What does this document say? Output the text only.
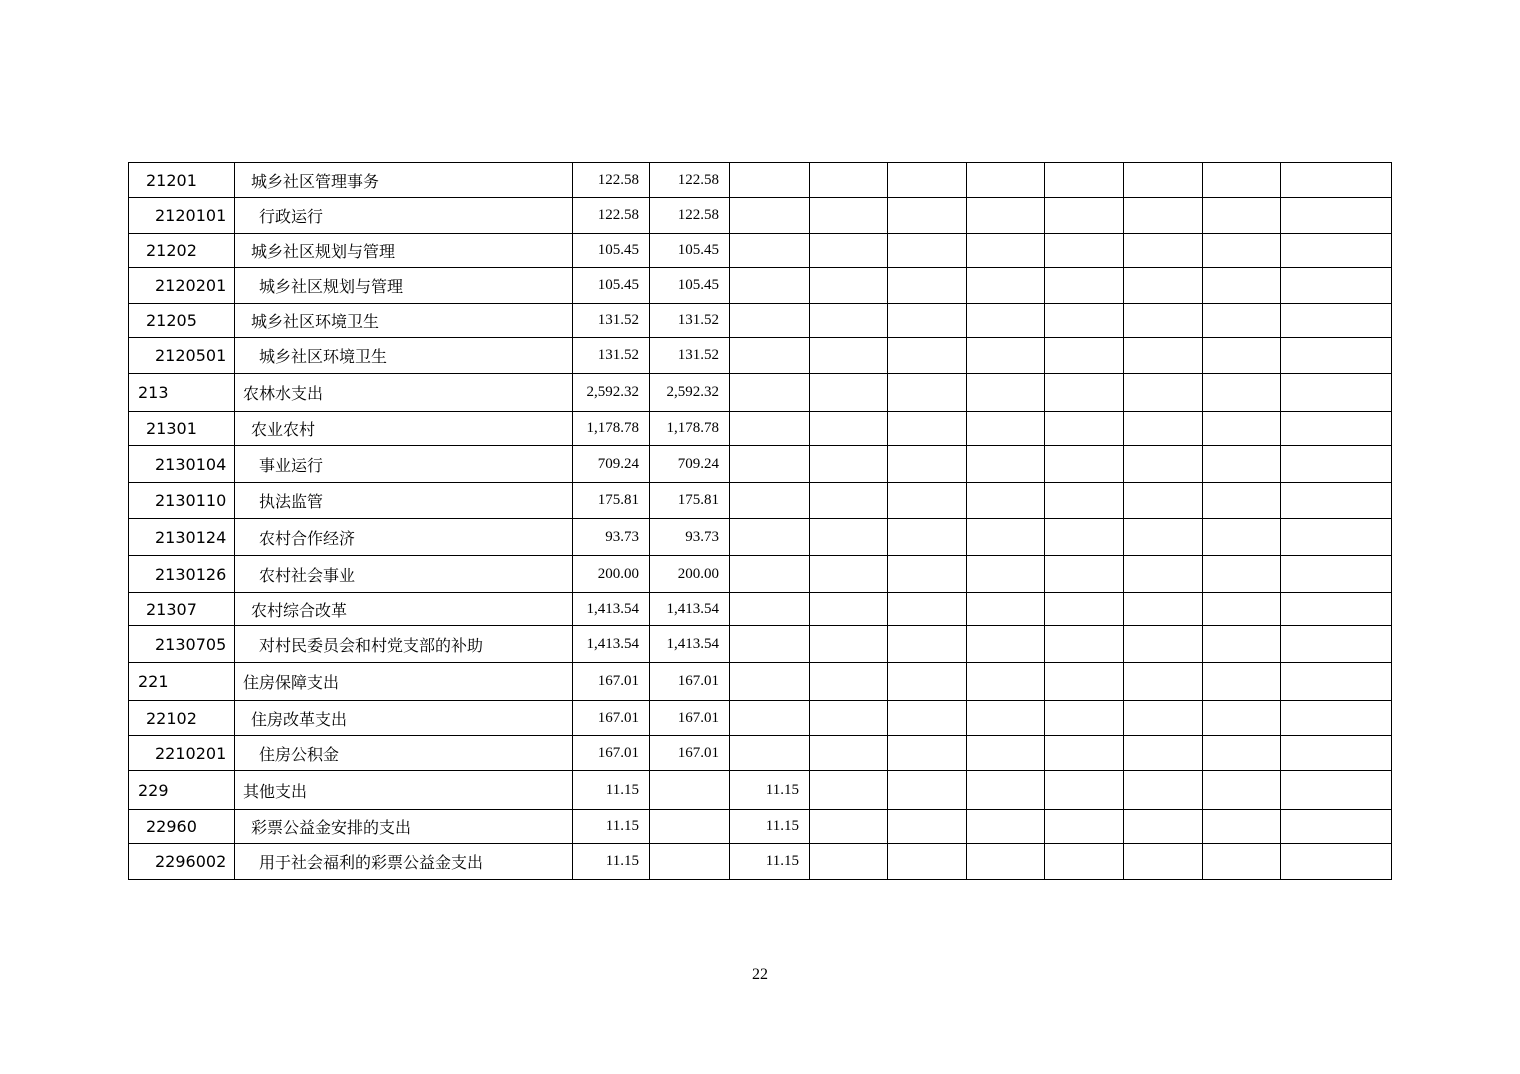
21201	城乡社区管理事务	122.58	122.58								
2120101	行政运行	122.58	122.58								
21202	城乡社区规划与管理	105.45	105.45								
2120201	城乡社区规划与管理	105.45	105.45								
21205	城乡社区环境卫生	131.52	131.52								
2120501	城乡社区环境卫生	131.52	131.52								
213	农林水支出	2,592.32	2,592.32								
21301	农业农村	1,178.78	1,178.78								
2130104	事业运行	709.24	709.24								
2130110	执法监管	175.81	175.81								
2130124	农村合作经济	93.73	93.73								
2130126	农村社会事业	200.00	200.00								
21307	农村综合改革	1,413.54	1,413.54								
2130705	对村民委员会和村党支部的补助	1,413.54	1,413.54								
221	住房保障支出	167.01	167.01								
22102	住房改革支出	167.01	167.01								
2210201	住房公积金	167.01	167.01								
229	其他支出	11.15		11.15							
22960	彩票公益金安排的支出	11.15		11.15							
2296002	用于社会福利的彩票公益金支出	11.15		11.15							
22
